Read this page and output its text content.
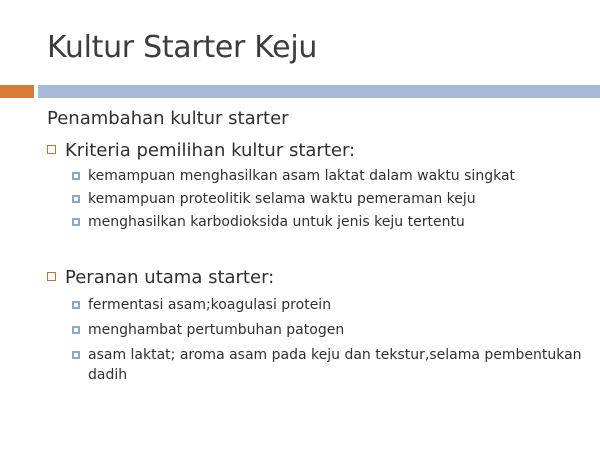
Kultur Starter Keju
Penambahan kultur starter
Kriteria pemilihan kultur starter:
kemampuan menghasilkan asam laktat dalam waktu singkat
kemampuan proteolitik selama waktu pemeraman keju
menghasilkan karbodioksida untuk jenis keju tertentu
Peranan utama starter:
fermentasi asam;koagulasi protein
menghambat pertumbuhan patogen
asam laktat; aroma asam pada keju dan tekstur,selama pembentukan dadih
